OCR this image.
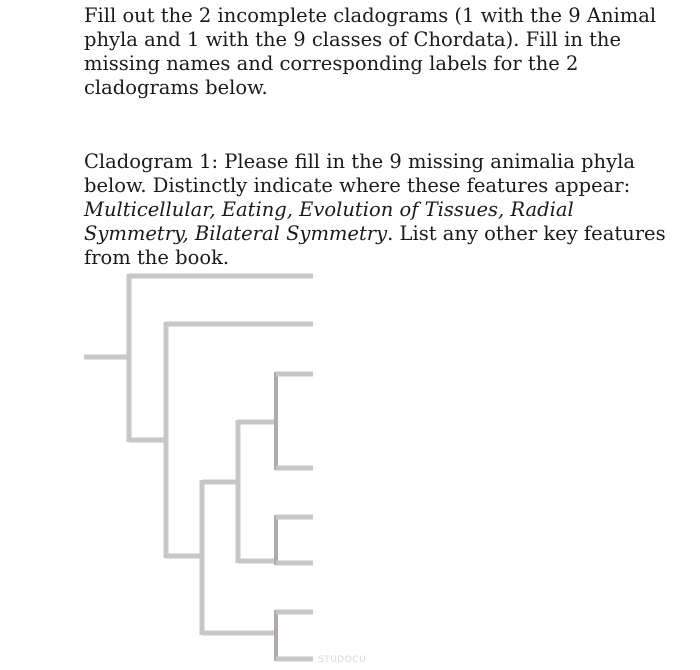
Fill out the 2 incomplete cladograms (1 with the 9 Animal phyla and 1 with the 9 classes of Chordata). Fill in the missing names and corresponding labels for the 2 cladograms below.

Cladogram 1: Please fill in the 9 missing animalia phyla below. Distinctly indicate where these features appear: Multicellular, Eating, Evolution of Tissues, Radial Symmetry, Bilateral Symmetry. List any other key features from the book.

STUDOCU
